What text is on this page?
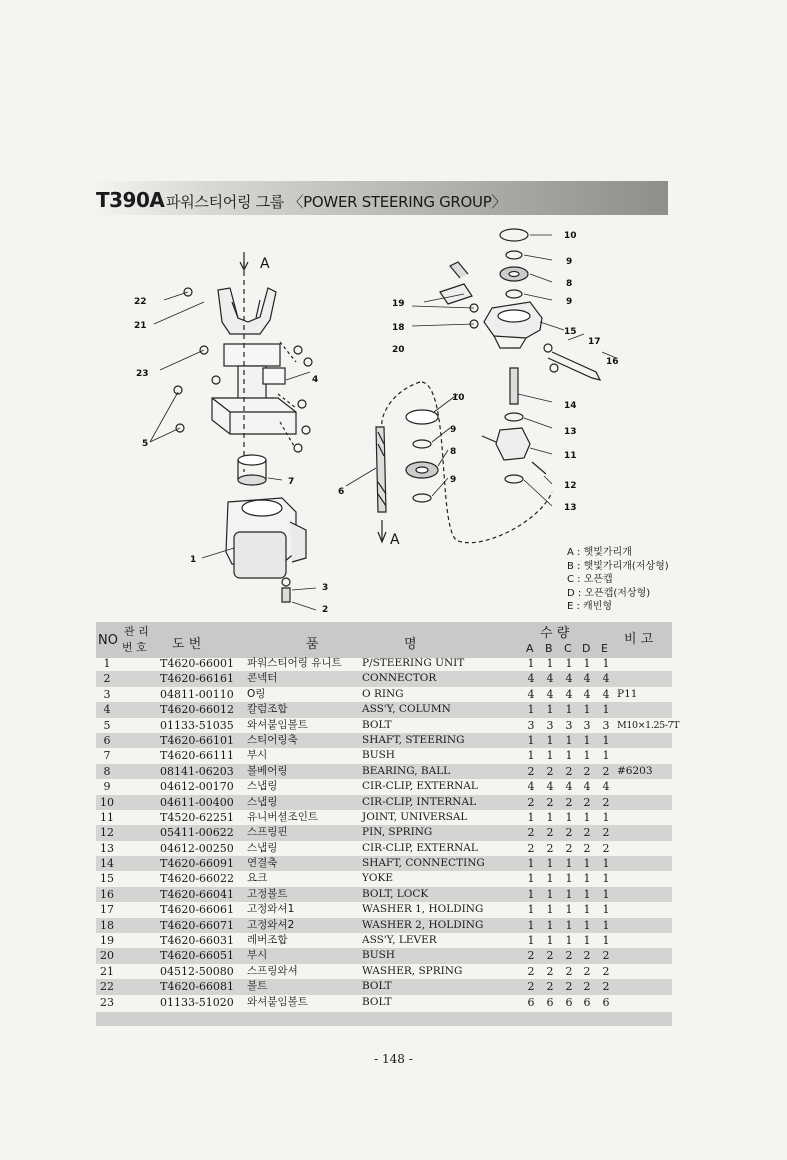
T390A 파워스티어링 그룹 〈POWER STEERING GROUP〉
22
21
23
5
4
7
1
3
2
6
10
9
8
9
10
9
8
9
15
17
16
19
18
20
14
13
11
12
13
A
A
A : 햇빛가리개
B : 햇빛가리개(저상형)
C : 오픈캡
D : 오픈캡(저상형)
E : 캐빈형
NO
관 리
번 호 도 번	품	명
수 량
A B C D E
비 고
1	T4620-66001 파워스티어링 유니트 P/STEERING UNIT	1 1 1 1 1
2	T4620-66161 콘넥터	CONNECTOR	4 4 4 4 4
3	04811-00110 O링	O RING	4 4 4 4 4 P11
4	T4620-66012 칼럼조합	ASS'Y, COLUMN	1 1 1 1 1
5	01133-51035 와셔붙임볼트	BOLT	3 3 3 3 3 M10×1.25-7T
6	T4620-66101 스티어링축	SHAFT, STEERING	1 1 1 1 1
7	T4620-66111 부시	BUSH	1 1 1 1 1
8	08141-06203 볼베어링	BEARING, BALL	2 2 2 2 2 #6203
9	04612-00170 스냅링	CIR-CLIP, EXTERNAL	4 4 4 4 4
10	04611-00400 스냅링	CIR-CLIP, INTERNAL	2 2 2 2 2
11	T4520-62251 유니버셜조인트	JOINT, UNIVERSAL	1 1 1 1 1
12	05411-00622 스프링핀	PIN, SPRING	2 2 2 2 2
13	04612-00250 스냅링	CIR-CLIP, EXTERNAL	2 2 2 2 2
14	T4620-66091 연결축	SHAFT, CONNECTING	1 1 1 1 1
15	T4620-66022 요크	YOKE	1 1 1 1 1
16	T4620-66041 고정볼트	BOLT, LOCK	1 1 1 1 1
17	T4620-66061 고정와셔1	WASHER 1, HOLDING	1 1 1 1 1
18	T4620-66071 고정와셔2	WASHER 2, HOLDING	1 1 1 1 1
19	T4620-66031 레버조합	ASS'Y, LEVER	1 1 1 1 1
20	T4620-66051 부시	BUSH	2 2 2 2 2
21	04512-50080 스프링와셔	WASHER, SPRING	2 2 2 2 2
22	T4620-66081 볼트	BOLT	2 2 2 2 2
23	01133-51020 와셔붙임볼트	BOLT	6 6 6 6 6
- 148 -
